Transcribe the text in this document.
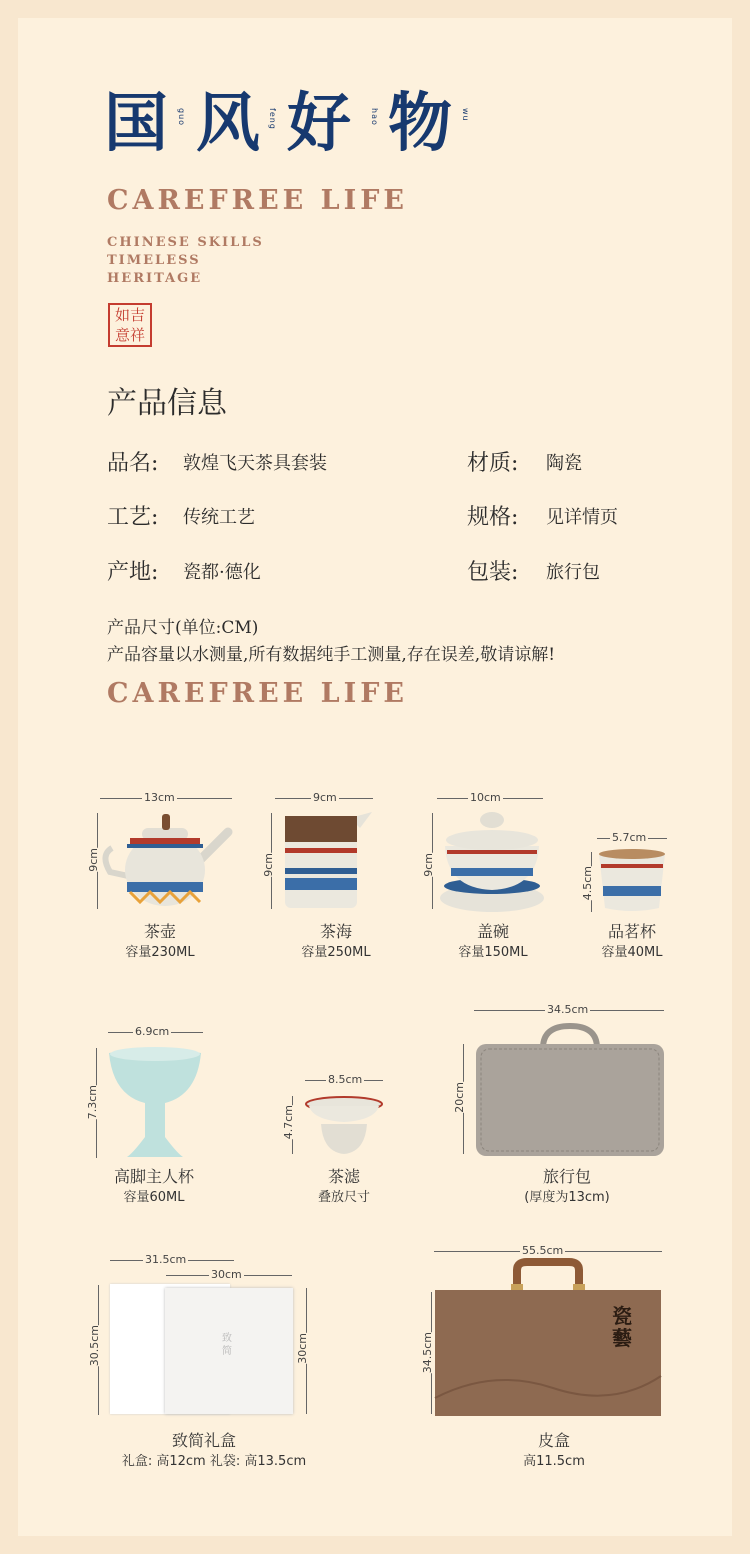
国 guo 风 feng 好 hao 物 wu
CAREFREE LIFE
CHINESE SKILLS
TIMELESS
HERITAGE
如吉
意祥
产品信息
品名: 敦煌飞天茶具套装	材质: 陶瓷
工艺: 传统工艺	规格: 见详情页
产地: 瓷都·德化	包装: 旅行包
产品尺寸(单位:CM)
产品容量以水测量,所有数据纯手工测量,存在误差,敬请谅解!
CAREFREE LIFE
13cm
9cm
茶壶
容量230ML
9cm
9cm
茶海
容量250ML
10cm
9cm
盖碗
容量150ML
5.7cm
4.5cm
品茗杯
容量40ML
6.9cm
7.3cm
高脚主人杯
容量60ML
8.5cm
4.7cm
茶滤
叠放尺寸
34.5cm
20cm
旅行包
(厚度为13cm)
31.5cm
30cm
30.5cm	30cm
致简
致简礼盒
礼盒: 高12cm 礼袋: 高13.5cm
55.5cm
34.5cm
瓷藝
皮盒
高11.5cm
